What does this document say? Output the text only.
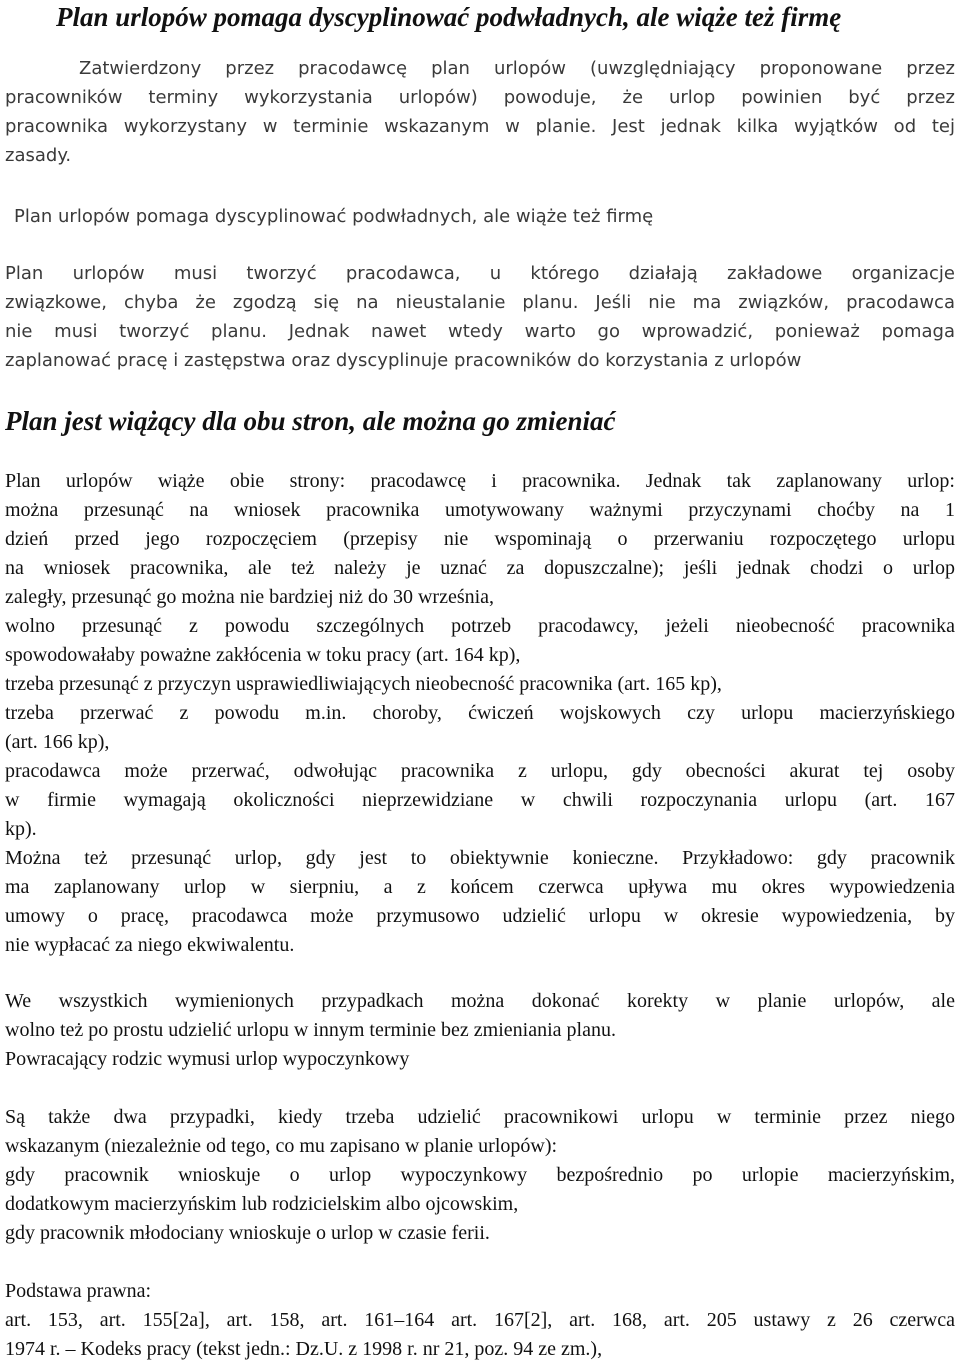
Plan urlopów pomaga dyscyplinować podwładnych, ale wiąże też firmę
Zatwierdzony przez pracodawcę plan urlopów (uwzględniający proponowane przez
pracowników terminy wykorzystania urlopów) powoduje, że urlop powinien być przez
pracownika wykorzystany w terminie wskazanym w planie. Jest jednak kilka wyjątków od tej
zasady.
Plan urlopów pomaga dyscyplinować podwładnych, ale wiąże też firmę
Plan urlopów musi tworzyć pracodawca, u którego działają zakładowe organizacje
związkowe, chyba że zgodzą się na nieustalanie planu. Jeśli nie ma związków, pracodawca
nie musi tworzyć planu. Jednak nawet wtedy warto go wprowadzić, ponieważ pomaga
zaplanować pracę i zastępstwa oraz dyscyplinuje pracowników do korzystania z urlopów
Plan jest wiążący dla obu stron, ale można go zmieniać
Plan urlopów wiąże obie strony: pracodawcę i pracownika. Jednak tak zaplanowany urlop:
można przesunąć na wniosek pracownika umotywowany ważnymi przyczynami choćby na 1
dzień przed jego rozpoczęciem (przepisy nie wspominają o przerwaniu rozpoczętego urlopu
na wniosek pracownika, ale też należy je uznać za dopuszczalne); jeśli jednak chodzi o urlop
zaległy, przesunąć go można nie bardziej niż do 30 września,
wolno przesunąć z powodu szczególnych potrzeb pracodawcy, jeżeli nieobecność pracownika
spowodowałaby poważne zakłócenia w toku pracy (art. 164 kp),
trzeba przesunąć z przyczyn usprawiedliwiających nieobecność pracownika (art. 165 kp),
trzeba przerwać z powodu m.in. choroby, ćwiczeń wojskowych czy urlopu macierzyńskiego
(art. 166 kp),
pracodawca może przerwać, odwołując pracownika z urlopu, gdy obecności akurat tej osoby
w firmie wymagają okoliczności nieprzewidziane w chwili rozpoczynania urlopu (art. 167
kp).
Można też przesunąć urlop, gdy jest to obiektywnie konieczne. Przykładowo: gdy pracownik
ma zaplanowany urlop w sierpniu, a z końcem czerwca upływa mu okres wypowiedzenia
umowy o pracę, pracodawca może przymusowo udzielić urlopu w okresie wypowiedzenia, by
nie wypłacać za niego ekwiwalentu.
We wszystkich wymienionych przypadkach można dokonać korekty w planie urlopów, ale
wolno też po prostu udzielić urlopu w innym terminie bez zmieniania planu.
Powracający rodzic wymusi urlop wypoczynkowy
Są także dwa przypadki, kiedy trzeba udzielić pracownikowi urlopu w terminie przez niego
wskazanym (niezależnie od tego, co mu zapisano w planie urlopów):
gdy pracownik wnioskuje o urlop wypoczynkowy bezpośrednio po urlopie macierzyńskim,
dodatkowym macierzyńskim lub rodzicielskim albo ojcowskim,
gdy pracownik młodociany wnioskuje o urlop w czasie ferii.
Podstawa prawna:
art. 153, art. 155[2a], art. 158, art. 161–164 art. 167[2], art. 168, art. 205 ustawy z 26 czerwca
1974 r. – Kodeks pracy (tekst jedn.: Dz.U. z 1998 r. nr 21, poz. 94 ze zm.),
